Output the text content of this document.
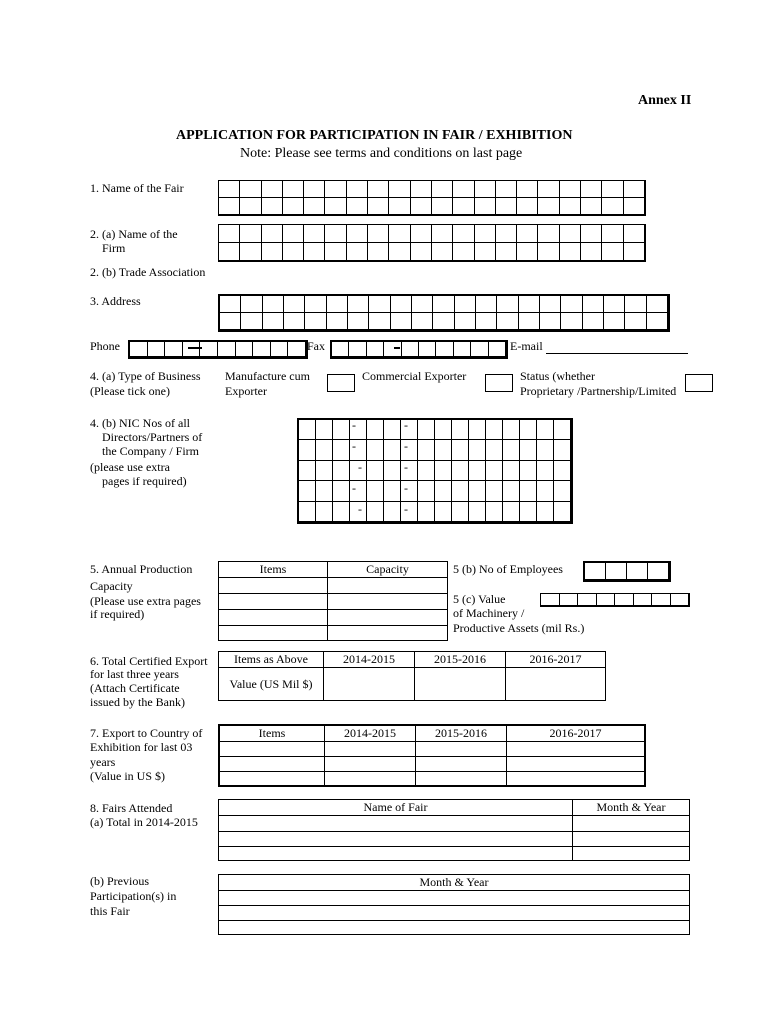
Annex II
APPLICATION FOR PARTICIPATION IN FAIR / EXHIBITION
Note: Please see terms and conditions on last page
1. Name of the Fair
2. (a) Name of the
Firm
2. (b) Trade Association
3. Address
Phone	Fax	E-mail
4. (a) Type of Business
(Please tick one)
Manufacture cum
Exporter
Commercial Exporter	Status (whether
Proprietary /Partnership/Limited
4. (b) NIC Nos of all
Directors/Partners of
the Company / Firm
(please use extra
pages if required)
-	-
-	-
-	-
-	-
-	-
5. Annual Production
Capacity
(Please use extra pages
if required)
Items	Capacity

		5 (b) No of Employees
5 (c) Value
of Machinery /
Productive Assets (mil Rs.)
6. Total Certified Export
for last three years
(Attach Certificate
issued by the Bank)
Items as Above	2014-2015	2015-2016	2016-2017
Value (US Mil $)			
7. Export to Country of
Exhibition for last 03
years
(Value in US $)
Items	2014-2015	2015-2016	2016-2017

8. Fairs Attended
(a) Total in 2014-2015
Name of Fair	Month & Year

(b) Previous
Participation(s) in
this Fair
Month & Year
